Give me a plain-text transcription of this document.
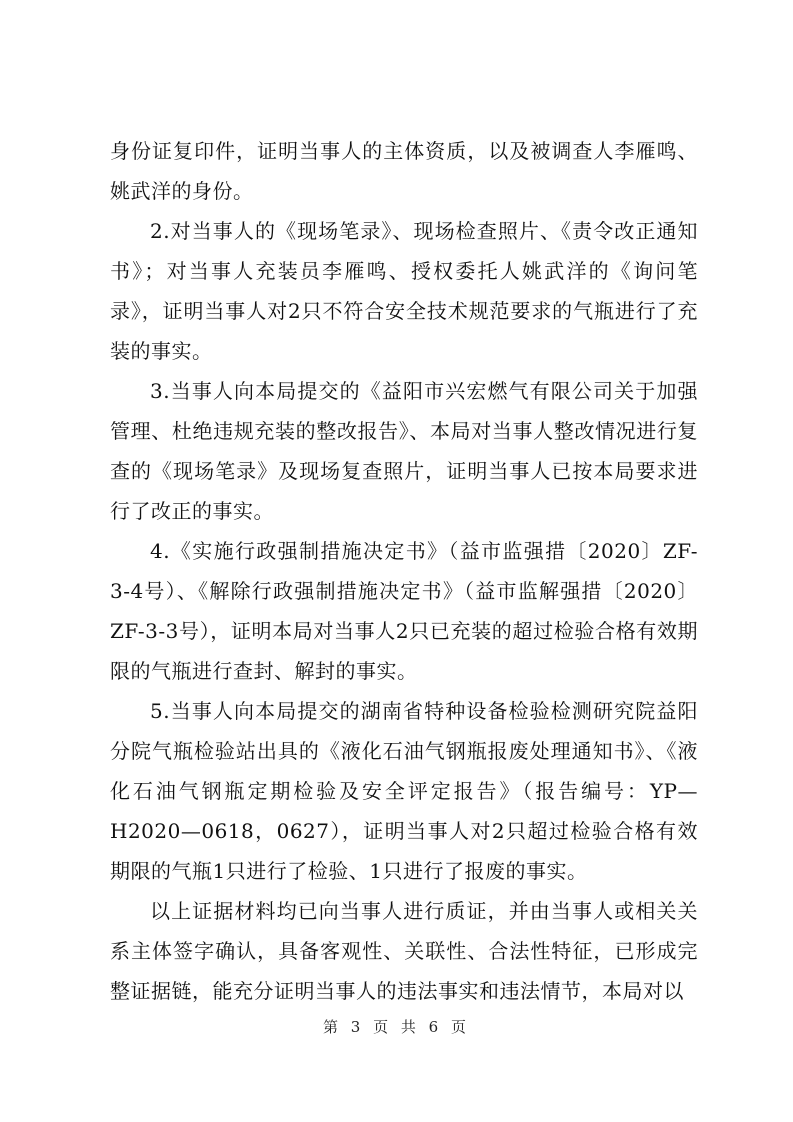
身份证复印件，证明当事人的主体资质，以及被调查人李雁鸣、姚武洋的身份。

2.对当事人的《现场笔录》、现场检查照片、《责令改正通知书》；对当事人充装员李雁鸣、授权委托人姚武洋的《询问笔录》，证明当事人对2只不符合安全技术规范要求的气瓶进行了充装的事实。

3.当事人向本局提交的《益阳市兴宏燃气有限公司关于加强管理、杜绝违规充装的整改报告》、本局对当事人整改情况进行复查的《现场笔录》及现场复查照片，证明当事人已按本局要求进行了改正的事实。

4.《实施行政强制措施决定书》（益市监强措〔2020〕ZF-3-4号）、《解除行政强制措施决定书》（益市监解强措〔2020〕ZF-3-3号），证明本局对当事人2只已充装的超过检验合格有效期限的气瓶进行查封、解封的事实。

5.当事人向本局提交的湖南省特种设备检验检测研究院益阳分院气瓶检验站出具的《液化石油气钢瓶报废处理通知书》、《液化石油气钢瓶定期检验及安全评定报告》（报告编号：YP—H2020—0618，0627），证明当事人对2只超过检验合格有效期限的气瓶1只进行了检验、1只进行了报废的事实。

以上证据材料均已向当事人进行质证，并由当事人或相关关系主体签字确认，具备客观性、关联性、合法性特征，已形成完整证据链，能充分证明当事人的违法事实和违法情节，本局对以

第 3 页 共 6 页
